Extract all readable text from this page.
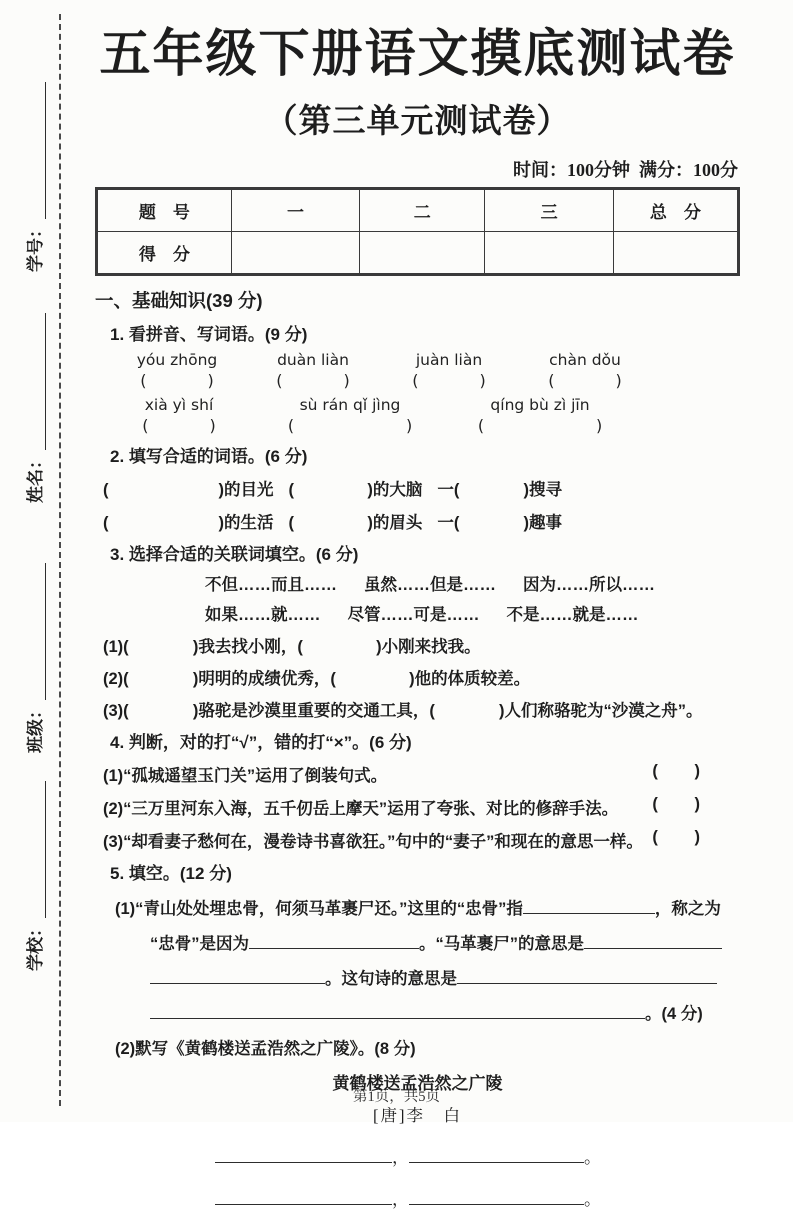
学号：
姓名：
班级：
学校：
五年级下册语文摸底测试卷
（第三单元测试卷）
时间：100分钟  满分：100分
题　号	一	二	三	总　分
得　分				
一、基础知识(39 分)
1. 看拼音、写词语。(9 分)
yóu zhōng
(            )
duàn liàn
(            )
juàn liàn
(            )
chàn dǒu
(            )
xià yì shí
(            )
sù rán qǐ jìng
(                      )
qíng bù zì jīn
(                      )
2. 填写合适的词语。(6 分)
(                        )的目光 (                )的大脑 一(              )搜寻
(                        )的生活 (                )的眉头 一(              )趣事
3. 选择合适的关联词填空。(6 分)
不但……而且…… 虽然……但是…… 因为……所以……
如果……就…… 尽管……可是…… 不是……就是……
(1)(              )我去找小刚，(                )小刚来找我。
(2)(              )明明的成绩优秀，(                )他的体质较差。
(3)(              )骆驼是沙漠里重要的交通工具，(              )人们称骆驼为“沙漠之舟”。
4. 判断，对的打“√”，错的打“×”。(6 分)
(1)“孤城遥望玉门关”运用了倒装句式。	(        )
(2)“三万里河东入海，五千仞岳上摩天”运用了夸张、对比的修辞手法。 (        )
(3)“却看妻子愁何在，漫卷诗书喜欲狂。”句中的“妻子”和现在的意思一样。 (        )
5. 填空。(12 分)
(1)“青山处处埋忠骨，何须马革裹尸还。”这里的“忠骨”指	，称之为
“忠骨”是因为	。“马革裹尸”的意思是
。这句诗的意思是
。(4 分)
(2)默写《黄鹤楼送孟浩然之广陵》。(8 分)
黄鹤楼送孟浩然之广陵
[唐]李　白
，	。
，	。
第1页，共5页
